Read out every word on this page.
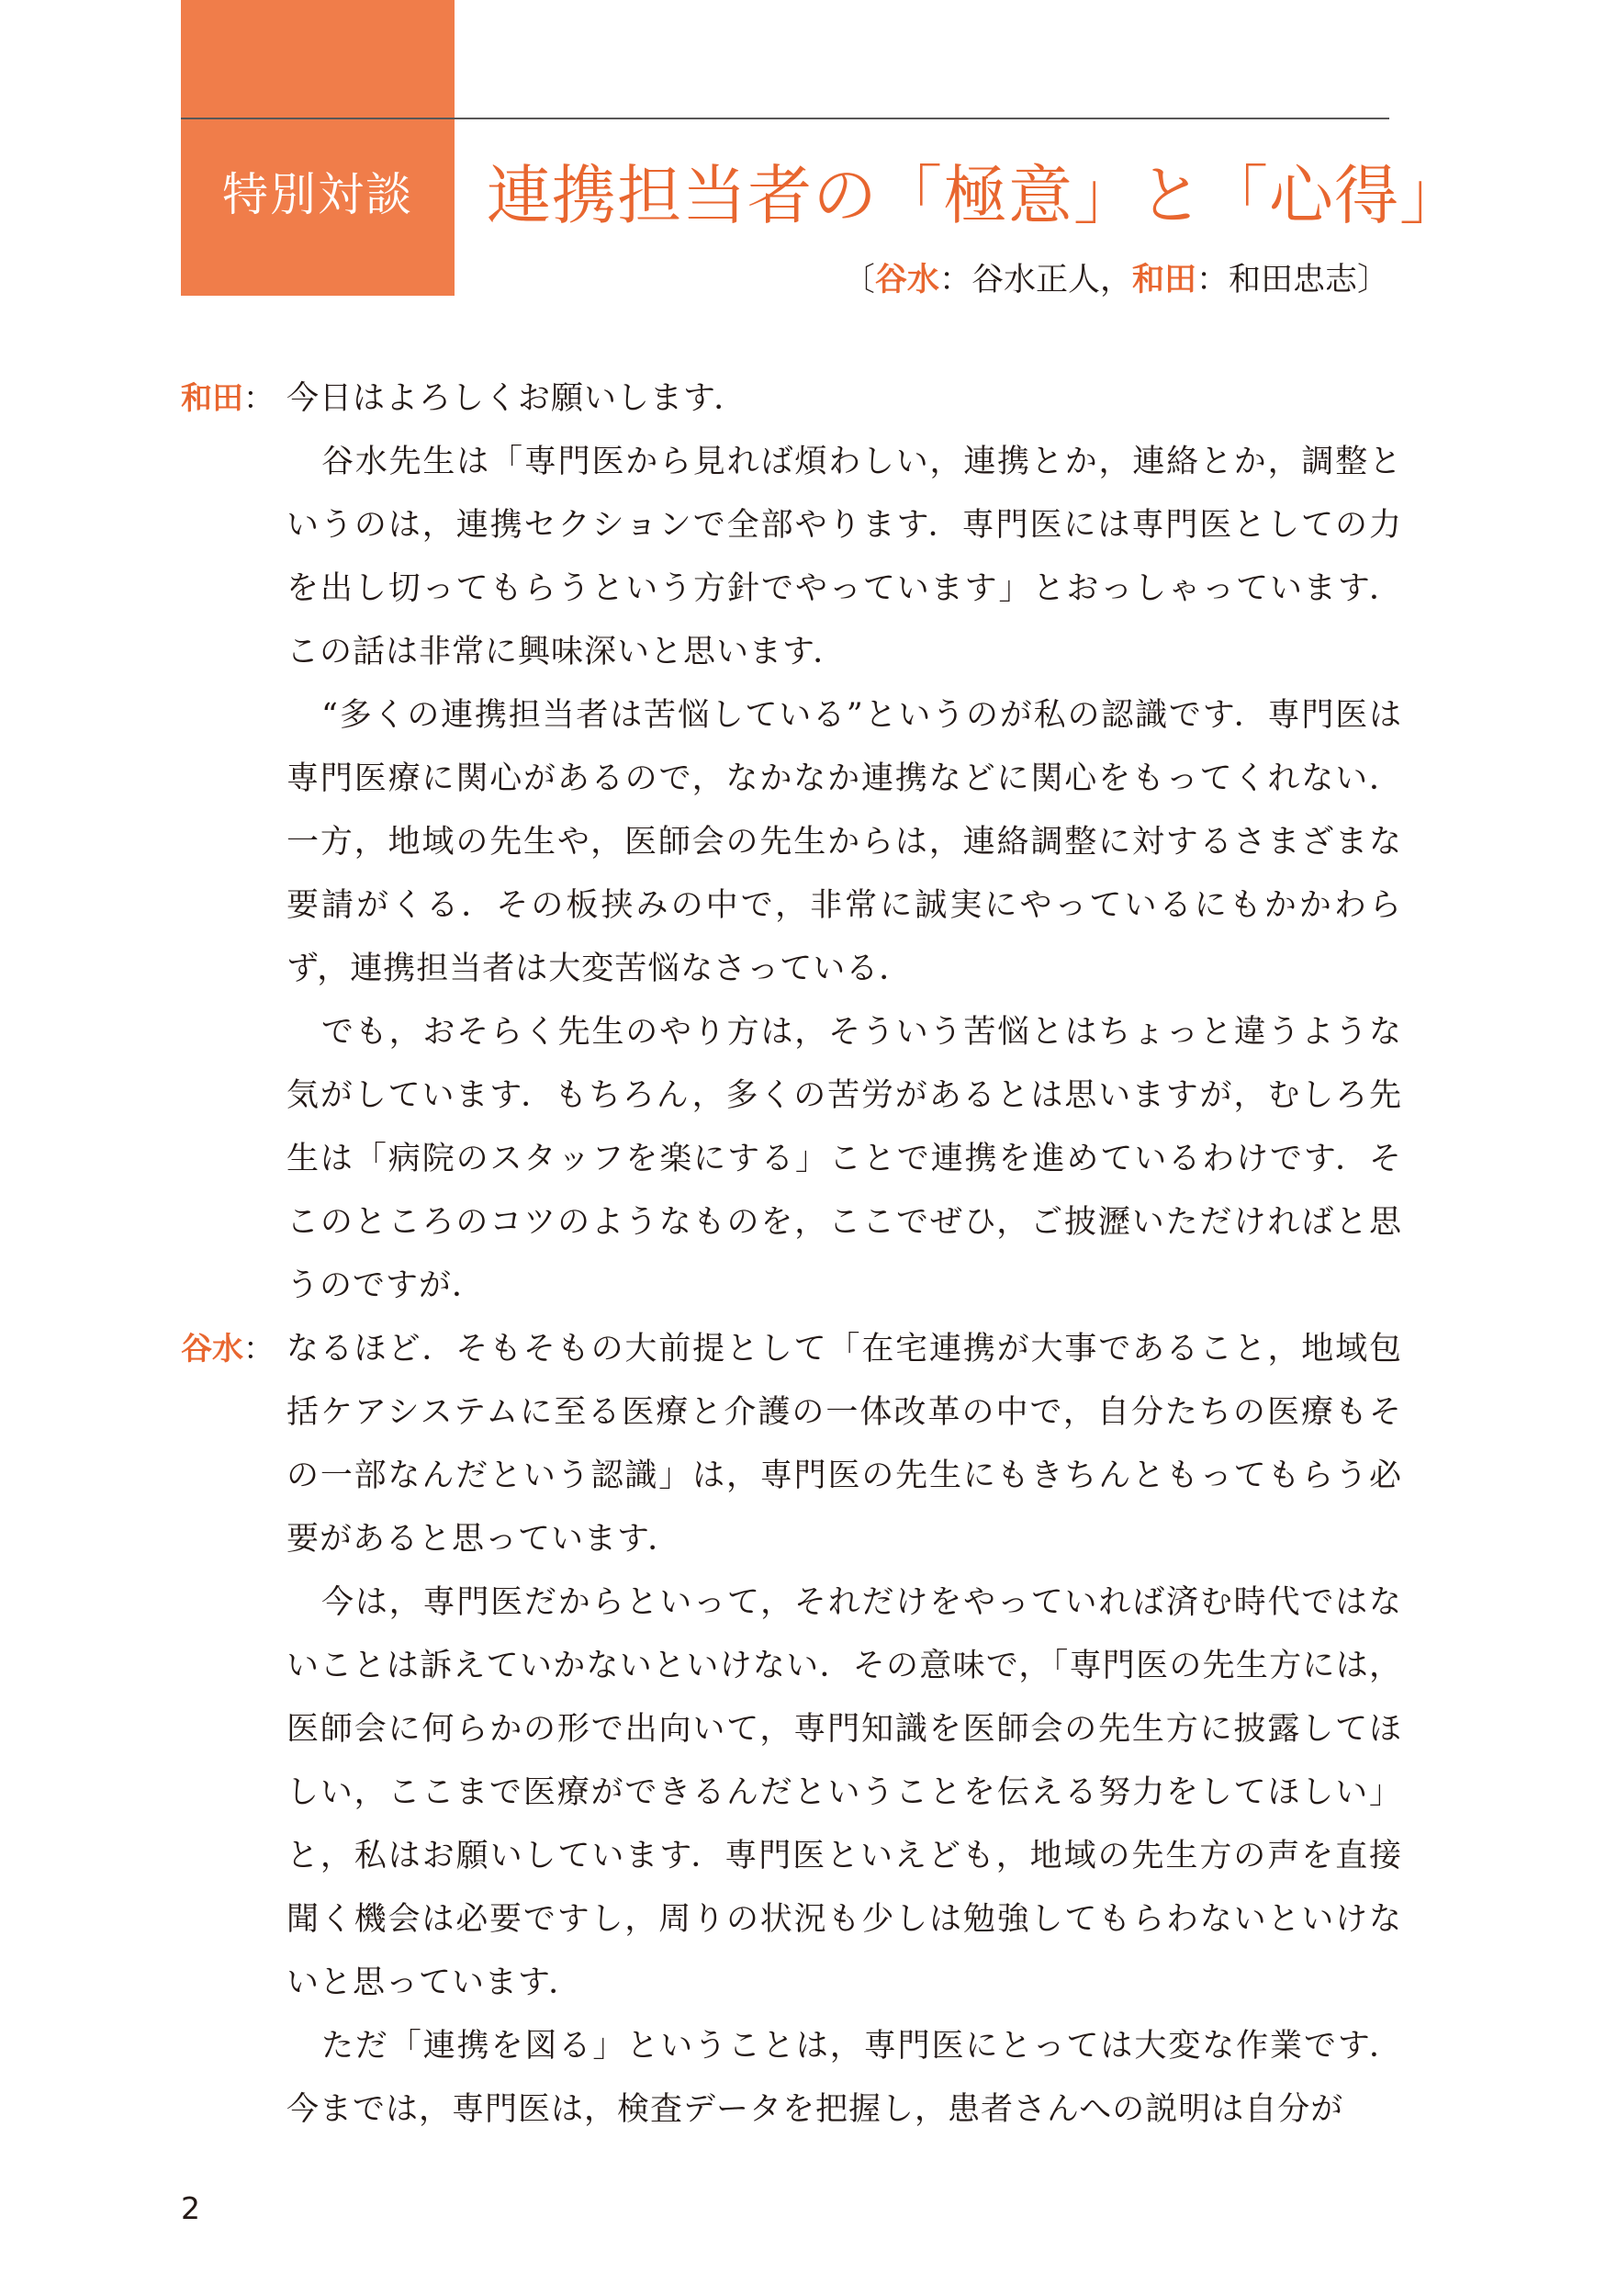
特別対談	連携担当者の「極意」と「心得」
〔谷水：谷水正人，和田：和田忠志〕
和田： 今日はよろしくお願いします．

谷水先生は「専門医から見れば煩わしい，連携とか，連絡とか，調整というのは，連携セクションで全部やります．専門医には専門医としての力を出し切ってもらうという方針でやっています」とおっしゃっています．この話は非常に興味深いと思います．

“多くの連携担当者は苦悩している”というのが私の認識です．専門医は専門医療に関心があるので，なかなか連携などに関心をもってくれない．一方，地域の先生や，医師会の先生からは，連絡調整に対するさまざまな要請がくる．その板挟みの中で，非常に誠実にやっているにもかかわらず，連携担当者は大変苦悩なさっている．

でも，おそらく先生のやり方は，そういう苦悩とはちょっと違うような気がしています．もちろん，多くの苦労があるとは思いますが，むしろ先生は「病院のスタッフを楽にする」ことで連携を進めているわけです．そこのところのコツのようなものを，ここでぜひ，ご披瀝いただければと思うのですが．

谷水： なるほど．そもそもの大前提として「在宅連携が大事であること，地域包括ケアシステムに至る医療と介護の一体改革の中で，自分たちの医療もその一部なんだという認識」は，専門医の先生にもきちんともってもらう必要があると思っています．

今は，専門医だからといって，それだけをやっていれば済む時代ではないことは訴えていかないといけない．その意味で，「専門医の先生方には，医師会に何らかの形で出向いて，専門知識を医師会の先生方に披露してほしい，ここまで医療ができるんだということを伝える努力をしてほしい」と，私はお願いしています．専門医といえども，地域の先生方の声を直接聞く機会は必要ですし，周りの状況も少しは勉強してもらわないといけないと思っています．

ただ「連携を図る」ということは，専門医にとっては大変な作業です．今までは，専門医は，検査データを把握し，患者さんへの説明は自分が

2
